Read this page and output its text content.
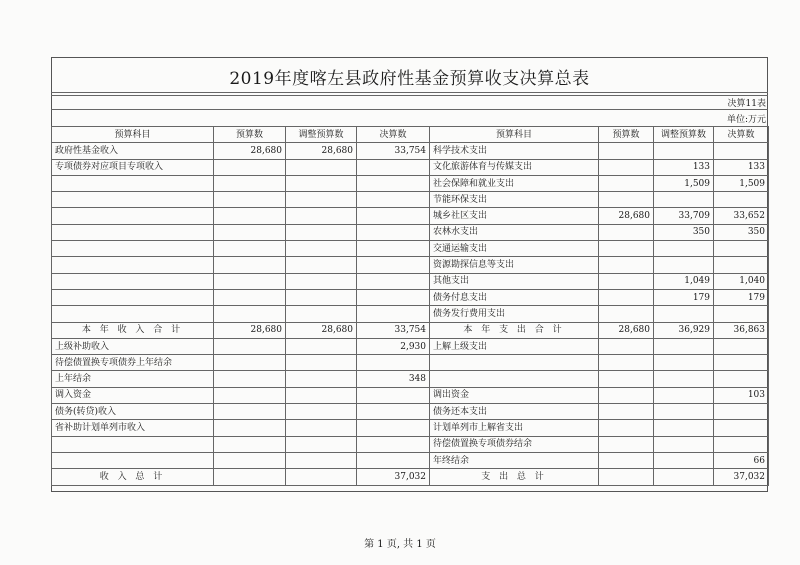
2019年度喀左县政府性基金预算收支决算总表
决算11表
单位:万元
预算科目	预算数	调整预算数	决算数	预算科目	预算数	调整预算数	决算数
政府性基金收入	28,680	28,680	33,754	科学技术支出			
专项债券对应项目专项收入				文化旅游体育与传媒支出		133	133
				社会保障和就业支出		1,509	1,509
				节能环保支出			
				城乡社区支出	28,680	33,709	33,652
				农林水支出		350	350
				交通运输支出			
				资源勘探信息等支出			
				其他支出		1,049	1,040
				债务付息支出		179	179
				债务发行费用支出			
本 年 收 入 合 计	28,680	28,680	33,754	本 年 支 出 合 计	28,680	36,929	36,863
上级补助收入			2,930	上解上级支出			
待偿债置换专项债券上年结余							
上年结余			348				
调入资金				调出资金			103
债务(转贷)收入				债务还本支出			
省补助计划单列市收入				计划单列市上解省支出			
				待偿债置换专项债券结余			
				年终结余			66
收 入 总 计			37,032	支 出 总 计			37,032
第 1 页, 共 1 页
